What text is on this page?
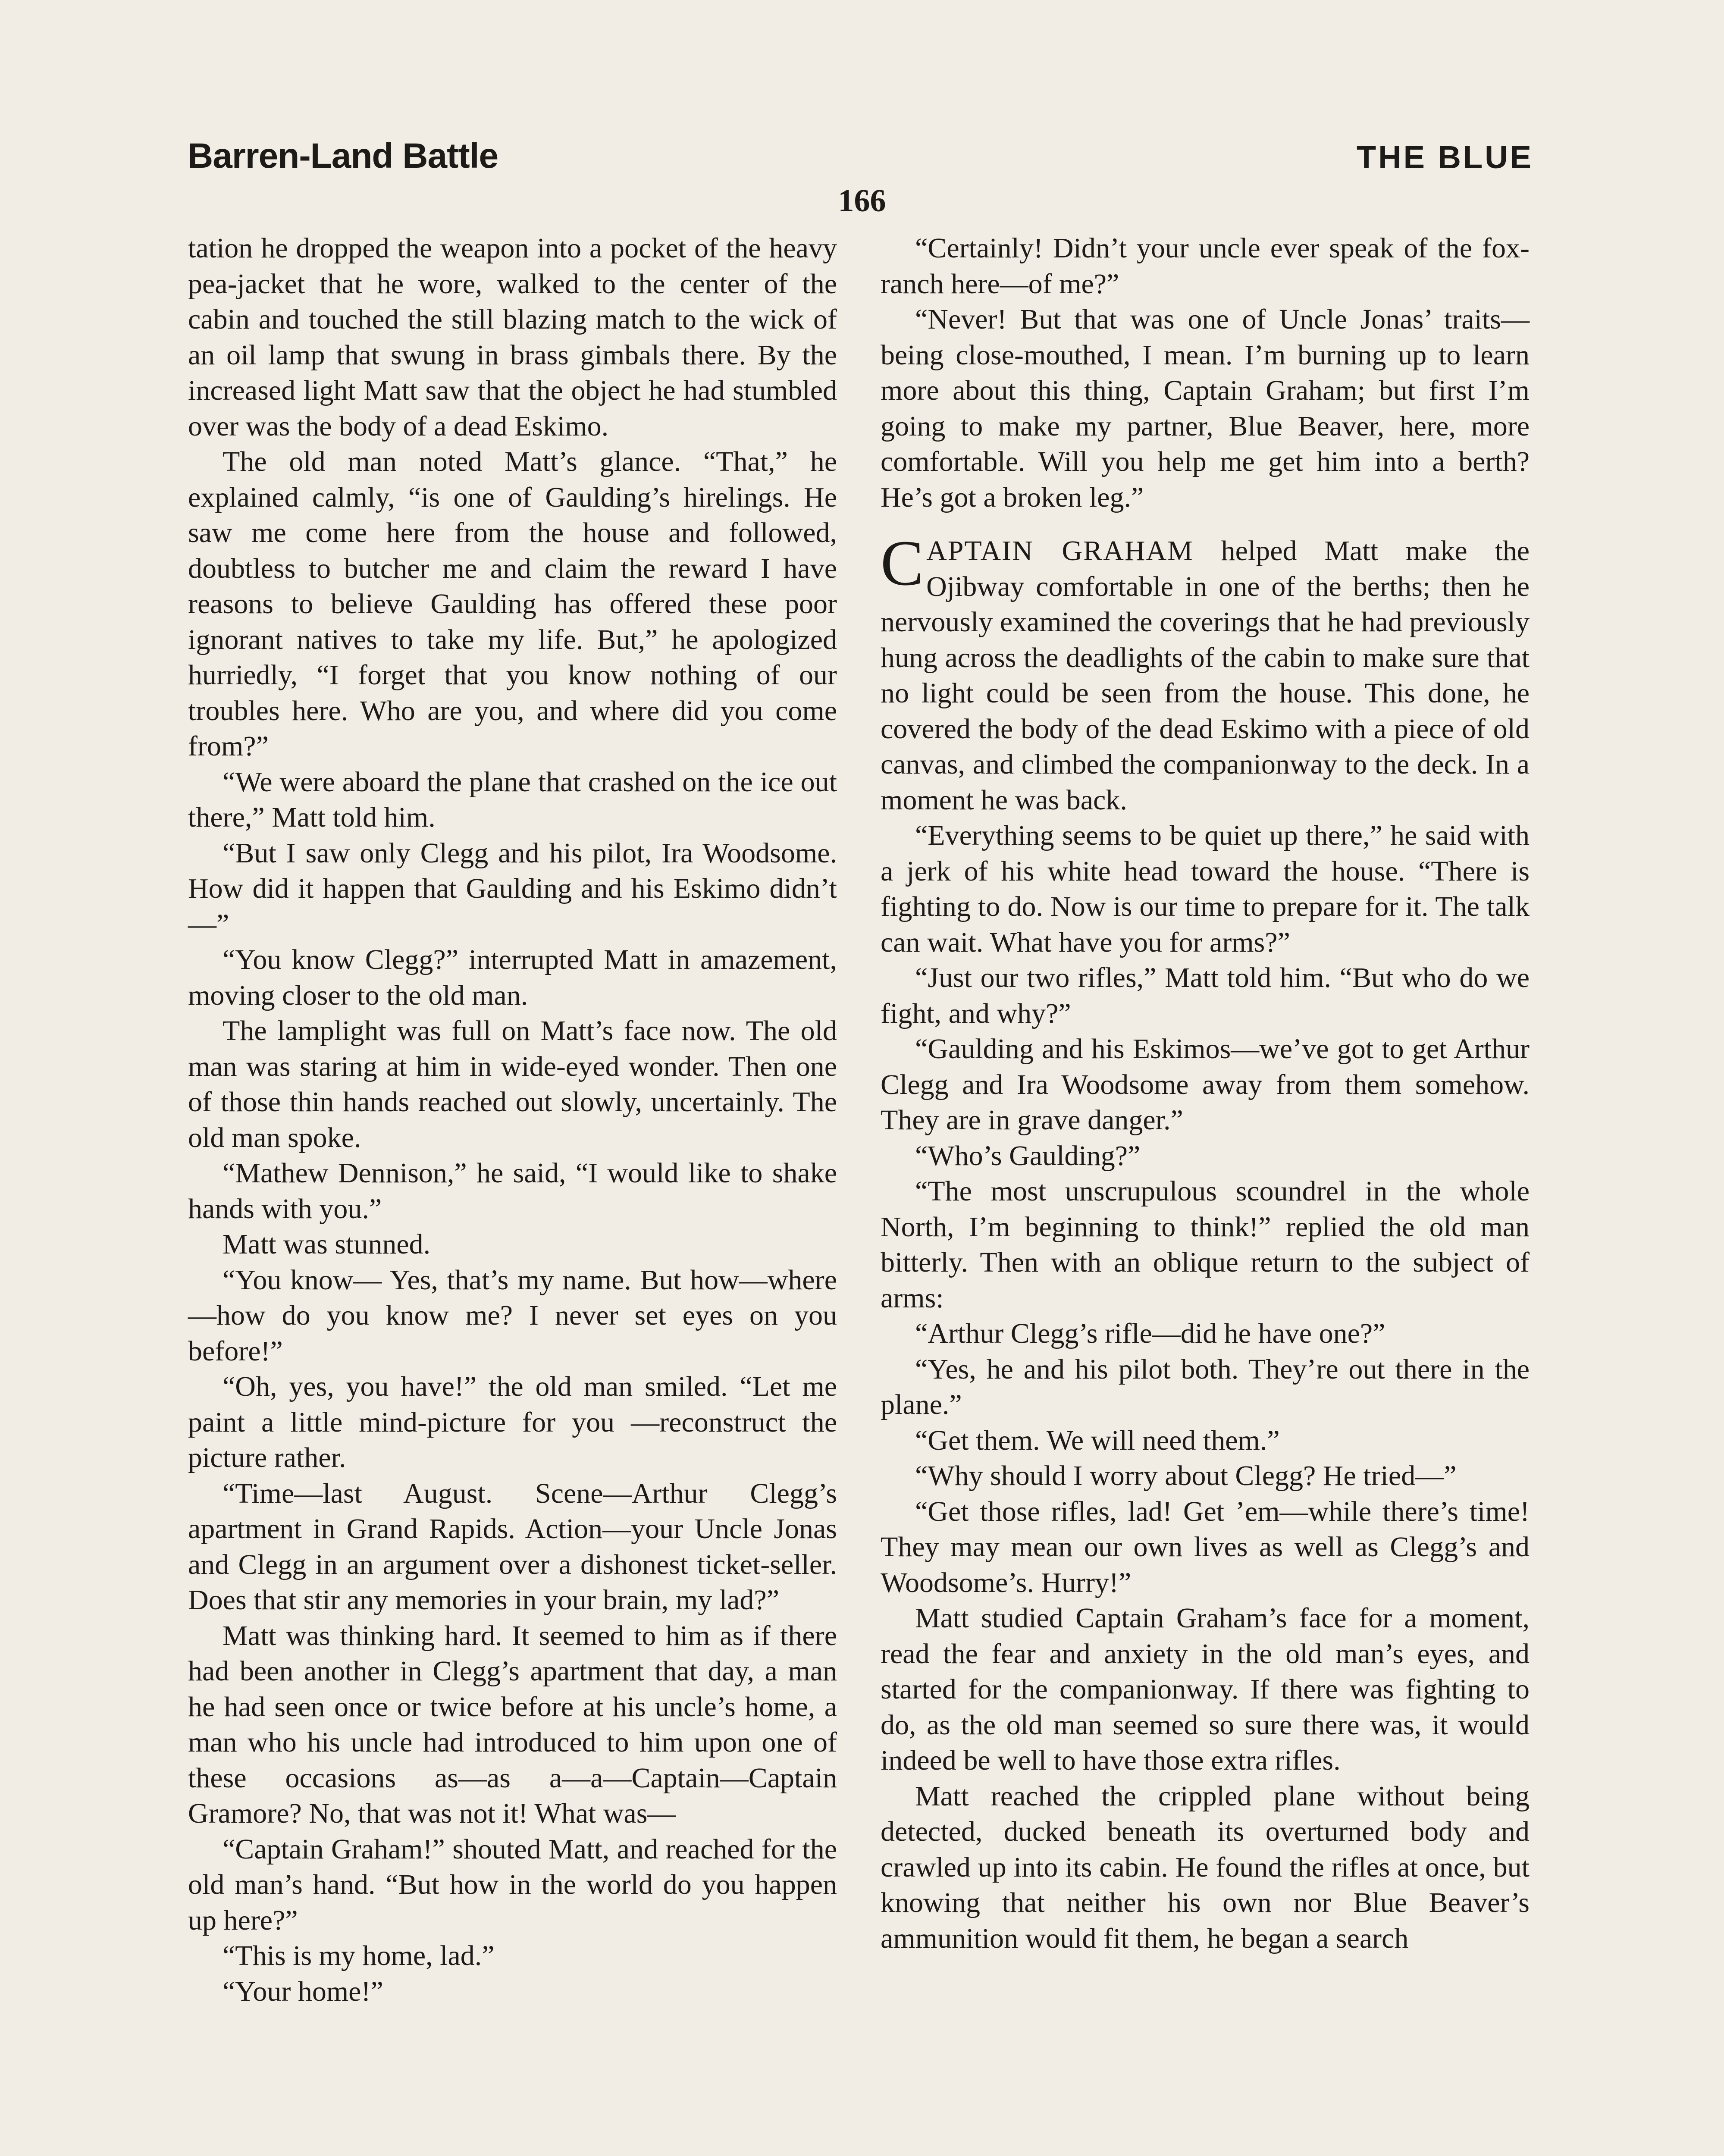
Barren-Land Battle	THE BLUE
166

tation he dropped the weapon into a pocket of the heavy pea-jacket that he wore, walked to the center of the cabin and touched the still blazing match to the wick of an oil lamp that swung in brass gimbals there. By the increased light Matt saw that the object he had stumbled over was the body of a dead Eskimo.

The old man noted Matt’s glance. “That,” he explained calmly, “is one of Gaulding’s hirelings. He saw me come here from the house and followed, doubtless to butcher me and claim the reward I have reasons to believe Gaulding has offered these poor ignorant natives to take my life. But,” he apologized hurriedly, “I forget that you know nothing of our troubles here. Who are you, and where did you come from?”

“We were aboard the plane that crashed on the ice out there,” Matt told him.

“But I saw only Clegg and his pilot, Ira Woodsome. How did it happen that Gaulding and his Eskimo didn’t—”

“You know Clegg?” interrupted Matt in amazement, moving closer to the old man.

The lamplight was full on Matt’s face now. The old man was staring at him in wide-eyed wonder. Then one of those thin hands reached out slowly, uncertainly. The old man spoke.

“Mathew Dennison,” he said, “I would like to shake hands with you.”

Matt was stunned.

“You know— Yes, that’s my name. But how—where—how do you know me? I never set eyes on you before!”

“Oh, yes, you have!” the old man smiled. “Let me paint a little mind-picture for you —reconstruct the picture rather.

“Time—last August. Scene—Arthur Clegg’s apartment in Grand Rapids. Action—your Uncle Jonas and Clegg in an argument over a dishonest ticket-seller. Does that stir any memories in your brain, my lad?”

Matt was thinking hard. It seemed to him as if there had been another in Clegg’s apartment that day, a man he had seen once or twice before at his uncle’s home, a man who his uncle had introduced to him upon one of these occasions as—as a—a—Captain—Captain Gramore? No, that was not it! What was—

“Captain Graham!” shouted Matt, and reached for the old man’s hand. “But how in the world do you happen up here?”

“This is my home, lad.”

“Your home!”

“Certainly! Didn’t your uncle ever speak of the fox-ranch here—of me?”

“Never! But that was one of Uncle Jonas’ traits—being close-mouthed, I mean. I’m burning up to learn more about this thing, Captain Graham; but first I’m going to make my partner, Blue Beaver, here, more comfortable. Will you help me get him into a berth? He’s got a broken leg.”

CAPTAIN GRAHAM helped Matt make the Ojibway comfortable in one of the berths; then he nervously examined the coverings that he had previously hung across the deadlights of the cabin to make sure that no light could be seen from the house. This done, he covered the body of the dead Eskimo with a piece of old canvas, and climbed the companionway to the deck. In a moment he was back.

“Everything seems to be quiet up there,” he said with a jerk of his white head toward the house. “There is fighting to do. Now is our time to prepare for it. The talk can wait. What have you for arms?”

“Just our two rifles,” Matt told him. “But who do we fight, and why?”

“Gaulding and his Eskimos—we’ve got to get Arthur Clegg and Ira Woodsome away from them somehow. They are in grave danger.”

“Who’s Gaulding?”

“The most unscrupulous scoundrel in the whole North, I’m beginning to think!” replied the old man bitterly. Then with an oblique return to the subject of arms:

“Arthur Clegg’s rifle—did he have one?”

“Yes, he and his pilot both. They’re out there in the plane.”

“Get them. We will need them.”

“Why should I worry about Clegg? He tried—”

“Get those rifles, lad! Get ’em—while there’s time! They may mean our own lives as well as Clegg’s and Woodsome’s. Hurry!”

Matt studied Captain Graham’s face for a moment, read the fear and anxiety in the old man’s eyes, and started for the companionway. If there was fighting to do, as the old man seemed so sure there was, it would indeed be well to have those extra rifles.

Matt reached the crippled plane without being detected, ducked beneath its overturned body and crawled up into its cabin. He found the rifles at once, but knowing that neither his own nor Blue Beaver’s ammunition would fit them, he began a search
